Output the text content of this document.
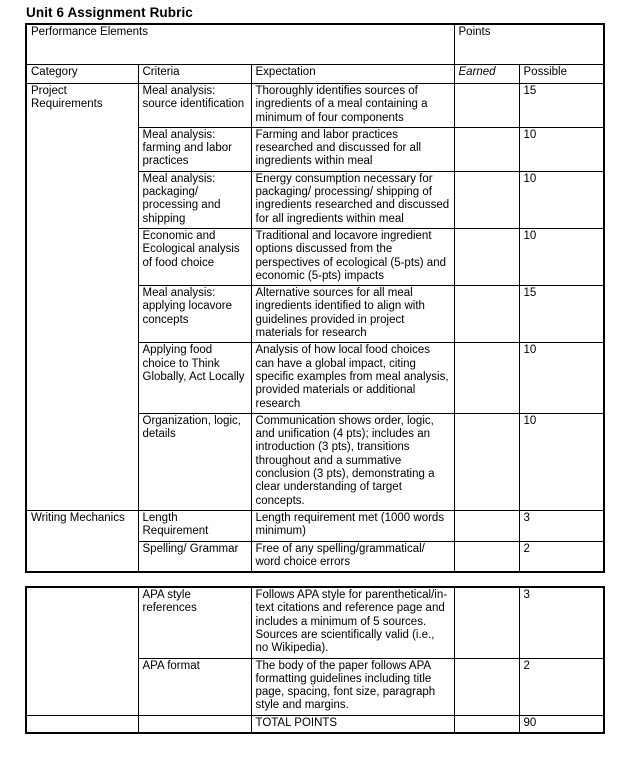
Unit 6 Assignment Rubric
Performance Elements			Points	
Category	Criteria	Expectation	Earned	Possible
Project Requirements	Meal analysis: source identification	Thoroughly identifies sources of ingredients of a meal containing a minimum of four components		15
	Meal analysis: farming and labor practices	Farming and labor practices researched and discussed for all ingredients within meal		10
	Meal analysis: packaging/ processing and shipping	Energy consumption necessary for packaging/ processing/ shipping of ingredients researched and discussed for all ingredients within meal		10
	Economic and Ecological analysis of food choice	Traditional and locavore ingredient options discussed from the perspectives of ecological (5-pts) and economic (5-pts) impacts		10
	Meal analysis: applying locavore concepts	Alternative sources for all meal ingredients identified to align with guidelines provided in project materials for research		15
	Applying food choice to Think Globally, Act Locally	Analysis of how local food choices can have a global impact, citing specific examples from meal analysis, provided materials or additional research		10
	Organization, logic, details	Communication shows order, logic, and unification (4 pts); includes an introduction (3 pts), transitions throughout and a summative conclusion (3 pts), demonstrating a clear understanding of target concepts.		10
Writing Mechanics	Length Requirement	Length requirement met (1000 words minimum)		3
	Spelling/ Grammar	Free of any spelling/grammatical/ word choice errors		2
	APA style references	Follows APA style for parenthetical/in-text citations and reference page and includes a minimum of 5 sources. Sources are scientifically valid (i.e., no Wikipedia).		3
	APA format	The body of the paper follows APA formatting guidelines including title page, spacing, font size, paragraph style and margins.		2
		TOTAL POINTS		90
